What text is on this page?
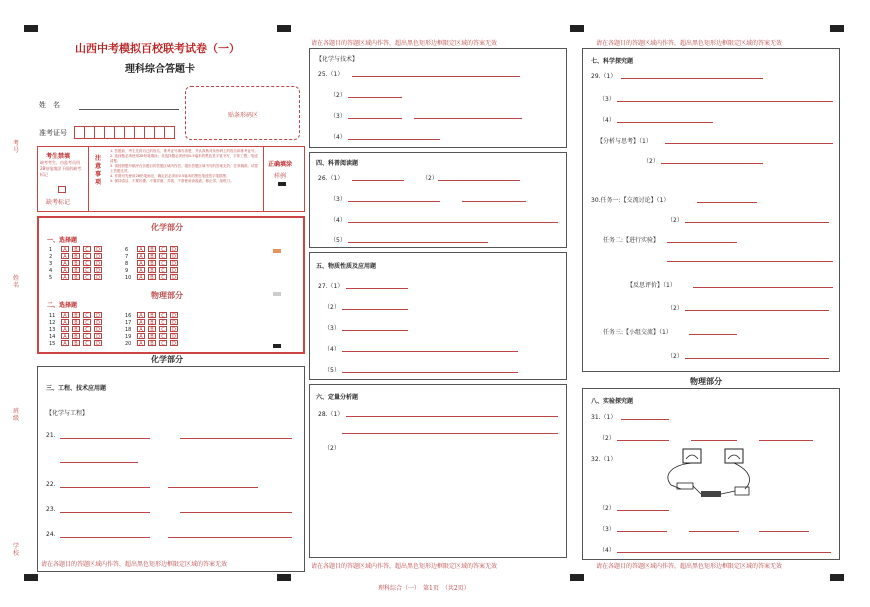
考号
姓名
班级
学校
山西中考模拟百校联考试卷（一）
理科综合答题卡
姓　名
准考证号
贴条形码区
考生禁填
缺考考生，由监考员用2B铅笔填涂下面的缺考标记
缺考标记
注意事项
1. 答题前，考生先将自己的姓名、准考证号填写清楚，并认真核对条形码上的姓名和准考证号。
2. 选择题必须使用2B铅笔填涂；非选择题必须使用0.5毫米的黑色签字笔书写，字体工整，笔迹清楚。
3. 请按照题号顺序在各题目的答题区域内作答，超出答题区域书写的答案无效；在草稿纸、试卷上答题无效。
4. 作图可先使用2B铅笔画出，确定后必须用0.5毫米的黑色笔迹签字笔描黑。
5. 保持清洁，不要折叠、不要弄破、弄皱，不准使用涂改液、修正带、刮纸刀。
正确填涂
样例
化学部分
一、选择题
1 A B C D
2 A B C D
3 A B C D
4 A B C D
5 A B C D
6 A B C D
7 A B C D
8 A B C D
9 A B C D
10 A B C D
物理部分
二、选择题
11 A B C D
12 A B C D
13 A B C D
14 A B C D
15 A B C D
16 A B C D
17 A B C D
18 A B C D
19 A B C D
20 A B C D
化学部分
三、工程、技术应用题
【化学与工程】
21.
22.
23.
24.
请在各题目的答题区域内作答，超出黑色矩形边框限定区域的答案无效
请在各题目的答题区域内作答，超出黑色矩形边框限定区域的答案无效
【化学与技术】
25.（1）
（2）
（3）
（4）
四、科普阅读题
26.（1）	（2）
（3）
（4）
（5）
五、物质性质及应用题
27.（1）
（2）
（3）
（4）
（5）
六、定量分析题
28.（1）
（2）
请在各题目的答题区域内作答，超出黑色矩形边框限定区域的答案无效
请在各题目的答题区域内作答，超出黑色矩形边框限定区域的答案无效
七、科学探究题
29.（1）
（3）
（4）
【分析与思考】（1）
（2）
30.任务一:【交流讨论】（1）
（2）
任务二:【进行实验】
【反思评价】（1）
（2）
任务三:【小组交流】（1）
（2）
物理部分
八、实验探究题
31.（1）
（2）
32.（1）
（2）
（3）
（4）
请在各题目的答题区域内作答，超出黑色矩形边框限定区域的答案无效
理科综合（一）　第1页　（共2页）
